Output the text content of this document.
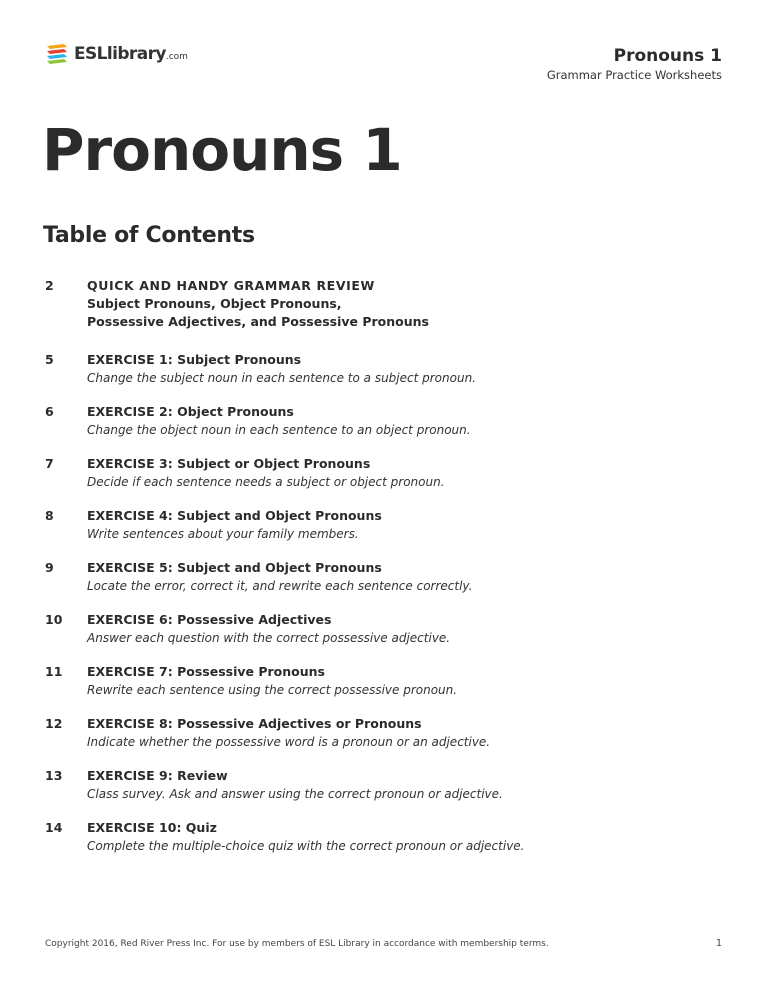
ESLlibrary.com	Pronouns 1
Grammar Practice Worksheets
Pronouns 1
Table of Contents
2	QUICK AND HANDY GRAMMAR REVIEW
Subject Pronouns, Object Pronouns,
Possessive Adjectives, and Possessive Pronouns
5	EXERCISE 1: Subject Pronouns
Change the subject noun in each sentence to a subject pronoun.
6	EXERCISE 2: Object Pronouns
Change the object noun in each sentence to an object pronoun.
7	EXERCISE 3: Subject or Object Pronouns
Decide if each sentence needs a subject or object pronoun.
8	EXERCISE 4: Subject and Object Pronouns
Write sentences about your family members.
9	EXERCISE 5: Subject and Object Pronouns
Locate the error, correct it, and rewrite each sentence correctly.
10	EXERCISE 6: Possessive Adjectives
Answer each question with the correct possessive adjective.
11	EXERCISE 7: Possessive Pronouns
Rewrite each sentence using the correct possessive pronoun.
12	EXERCISE 8: Possessive Adjectives or Pronouns
Indicate whether the possessive word is a pronoun or an adjective.
13	EXERCISE 9: Review
Class survey. Ask and answer using the correct pronoun or adjective.
14	EXERCISE 10: Quiz
Complete the multiple-choice quiz with the correct pronoun or adjective.
Copyright 2016, Red River Press Inc. For use by members of ESL Library in accordance with membership terms.	1
